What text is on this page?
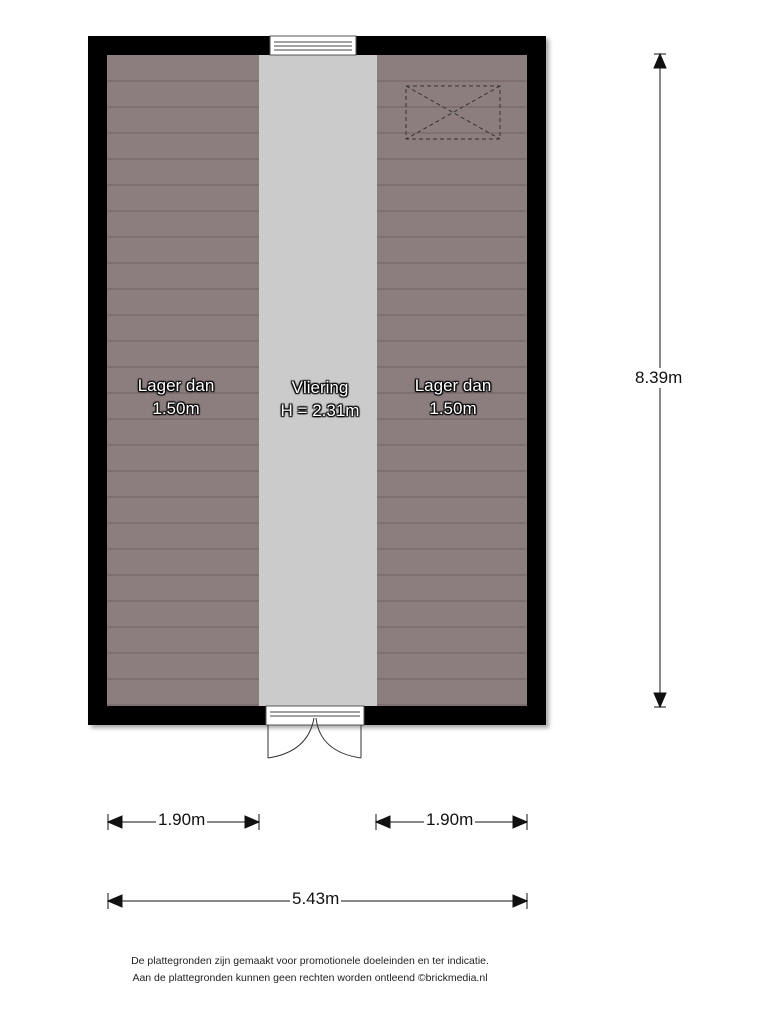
Lager dan
1.50m
Vliering
H = 2.31m
Lager dan
1.50m
8.39m
1.90m	1.90m
5.43m
De plattegronden zijn gemaakt voor promotionele doeleinden en ter indicatie.
Aan de plattegronden kunnen geen rechten worden ontleend ©brickmedia.nl
